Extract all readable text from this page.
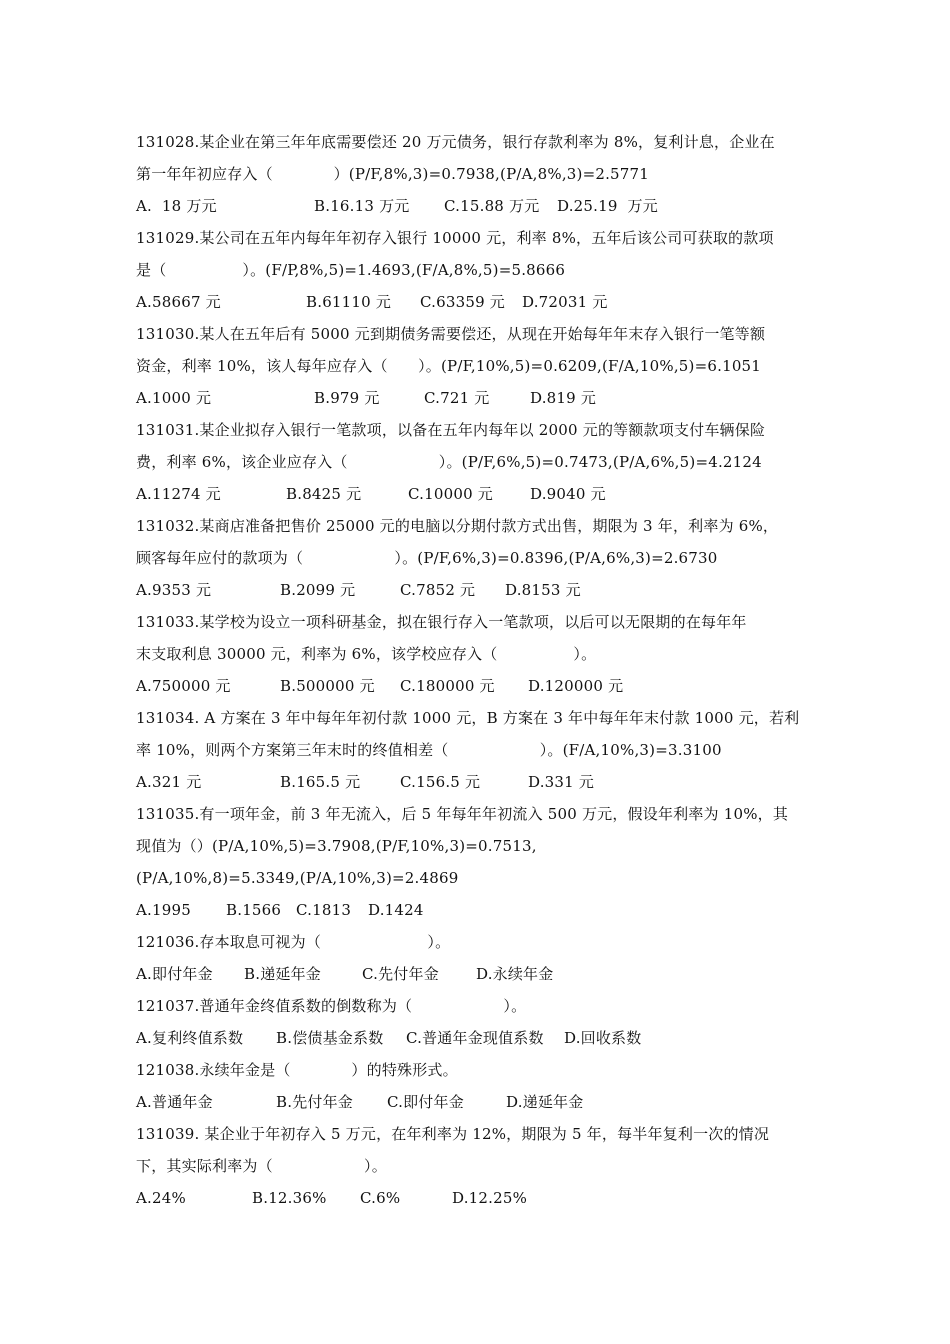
131028.某企业在第三年年底需要偿还 20 万元债务，银行存款利率为 8%，复利计息，企业在
第一年年初应存入（　　　　）(P/F,8%,3)=0.7938,(P/A,8%,3)=2.5771
A.  18 万元	B.16.13 万元 C.15.88 万元 D.25.19  万元
131029.某公司在五年内每年年初存入银行 10000 元，利率 8%，五年后该公司可获取的款项
是（　　　　　）。(F/P,8%,5)=1.4693,(F/A,8%,5)=5.8666
A.58667 元	B.61110 元 C.63359 元 D.72031 元
131030.某人在五年后有 5000 元到期债务需要偿还，从现在开始每年年末存入银行一笔等额
资金，利率 10%，该人每年应存入（　　）。(P/F,10%,5)=0.6209,(F/A,10%,5)=6.1051
A.1000 元	B.979 元	C.721 元	D.819 元
131031.某企业拟存入银行一笔款项，以备在五年内每年以 2000 元的等额款项支付车辆保险
费，利率 6%，该企业应存入（　　　　　　）。(P/F,6%,5)=0.7473,(P/A,6%,5)=4.2124
A.11274 元	B.8425 元	C.10000 元 D.9040 元
131032.某商店准备把售价 25000 元的电脑以分期付款方式出售，期限为 3 年，利率为 6%，
顾客每年应付的款项为（　　　　　　）。(P/F,6%,3)=0.8396,(P/A,6%,3)=2.6730
A.9353 元	B.2099 元	C.7852 元 D.8153 元
131033.某学校为设立一项科研基金，拟在银行存入一笔款项，以后可以无限期的在每年年
末支取利息 30000 元，利率为 6%，该学校应存入（　　　　　）。
A.750000 元	B.500000 元 C.180000 元 D.120000 元
131034. A 方案在 3 年中每年年初付款 1000 元，B 方案在 3 年中每年年末付款 1000 元，若利
率 10%，则两个方案第三年末时的终值相差（　　　　　　）。(F/A,10%,3)=3.3100
A.321 元	B.165.5 元	C.156.5 元	D.331 元
131035.有一项年金，前 3 年无流入，后 5 年每年年初流入 500 万元，假设年利率为 10%，其
现值为（）(P/A,10%,5)=3.7908,(P/F,10%,3)=0.7513,
(P/A,10%,8)=5.3349,(P/A,10%,3)=2.4869
A.1995 B.1566 C.1813 D.1424
121036.存本取息可视为（　　　　　　　）。
A.即付年金 B.递延年金	C.先付年金 D.永续年金
121037.普通年金终值系数的倒数称为（　　　　　　）。
A.复利终值系数 B.偿债基金系数 C.普通年金现值系数 D.回收系数
121038.永续年金是（　　　　）的特殊形式。
A.普通年金	B.先付年金 C.即付年金	D.递延年金
131039. 某企业于年初存入 5 万元，在年利率为 12%，期限为 5 年，每半年复利一次的情况
下，其实际利率为（　　　　　　）。
A.24%	B.12.36% C.6%	D.12.25%
